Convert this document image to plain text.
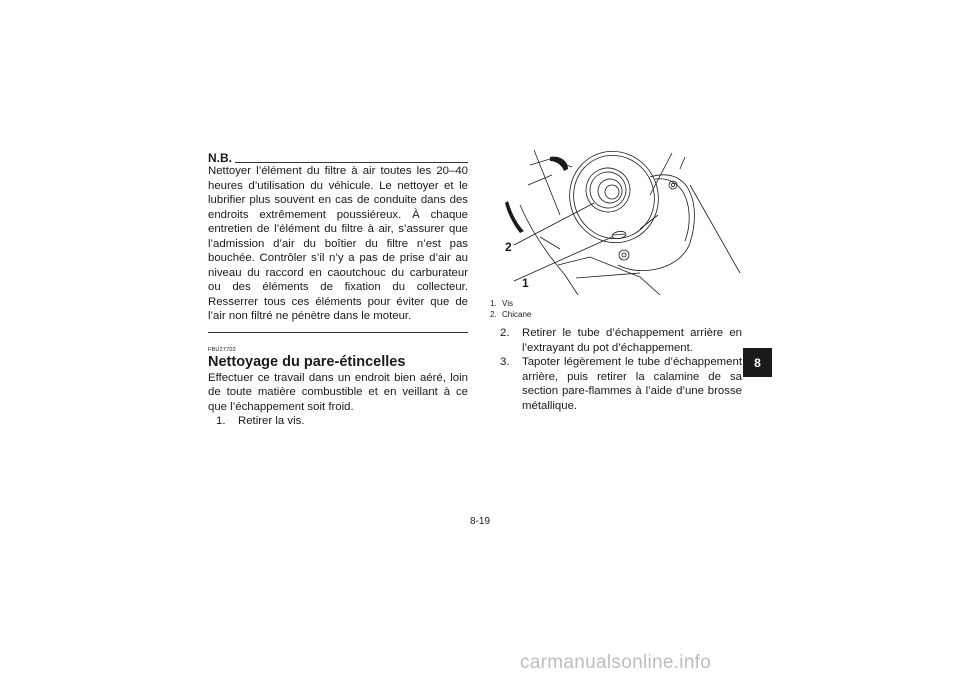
N.B.

Nettoyer l’élément du filtre à air toutes les 20–40 heures d’utilisation du véhicule. Le nettoyer et le lubrifier plus souvent en cas de conduite dans des endroits extrêmement poussiéreux. À chaque entretien de l’élément du filtre à air, s’assurer que l’admission d’air du boîtier du filtre n’est pas bouchée. Contrôler s’il n’y a pas de prise d’air au niveau du raccord en caoutchouc du carburateur ou des éléments de fixation du collecteur. Resserrer tous ces éléments pour éviter que de l’air non filtré ne pénètre dans le moteur.

FBU27702
Nettoyage du pare-étincelles

Effectuer ce travail dans un endroit bien aéré, loin de toute matière combustible et en veillant à ce que l’échappement soit froid.

1.	Retirer la vis.
2
1
1. Vis
2. Chicane
2.	Retirer le tube d’échappement arrière en l’extrayant du pot d’échappement.
3.	Tapoter légèrement le tube d’échappement arrière, puis retirer la calamine de sa section pare-flammes à l’aide d’une brosse métallique.
8
8-19
carmanualsonline.info
